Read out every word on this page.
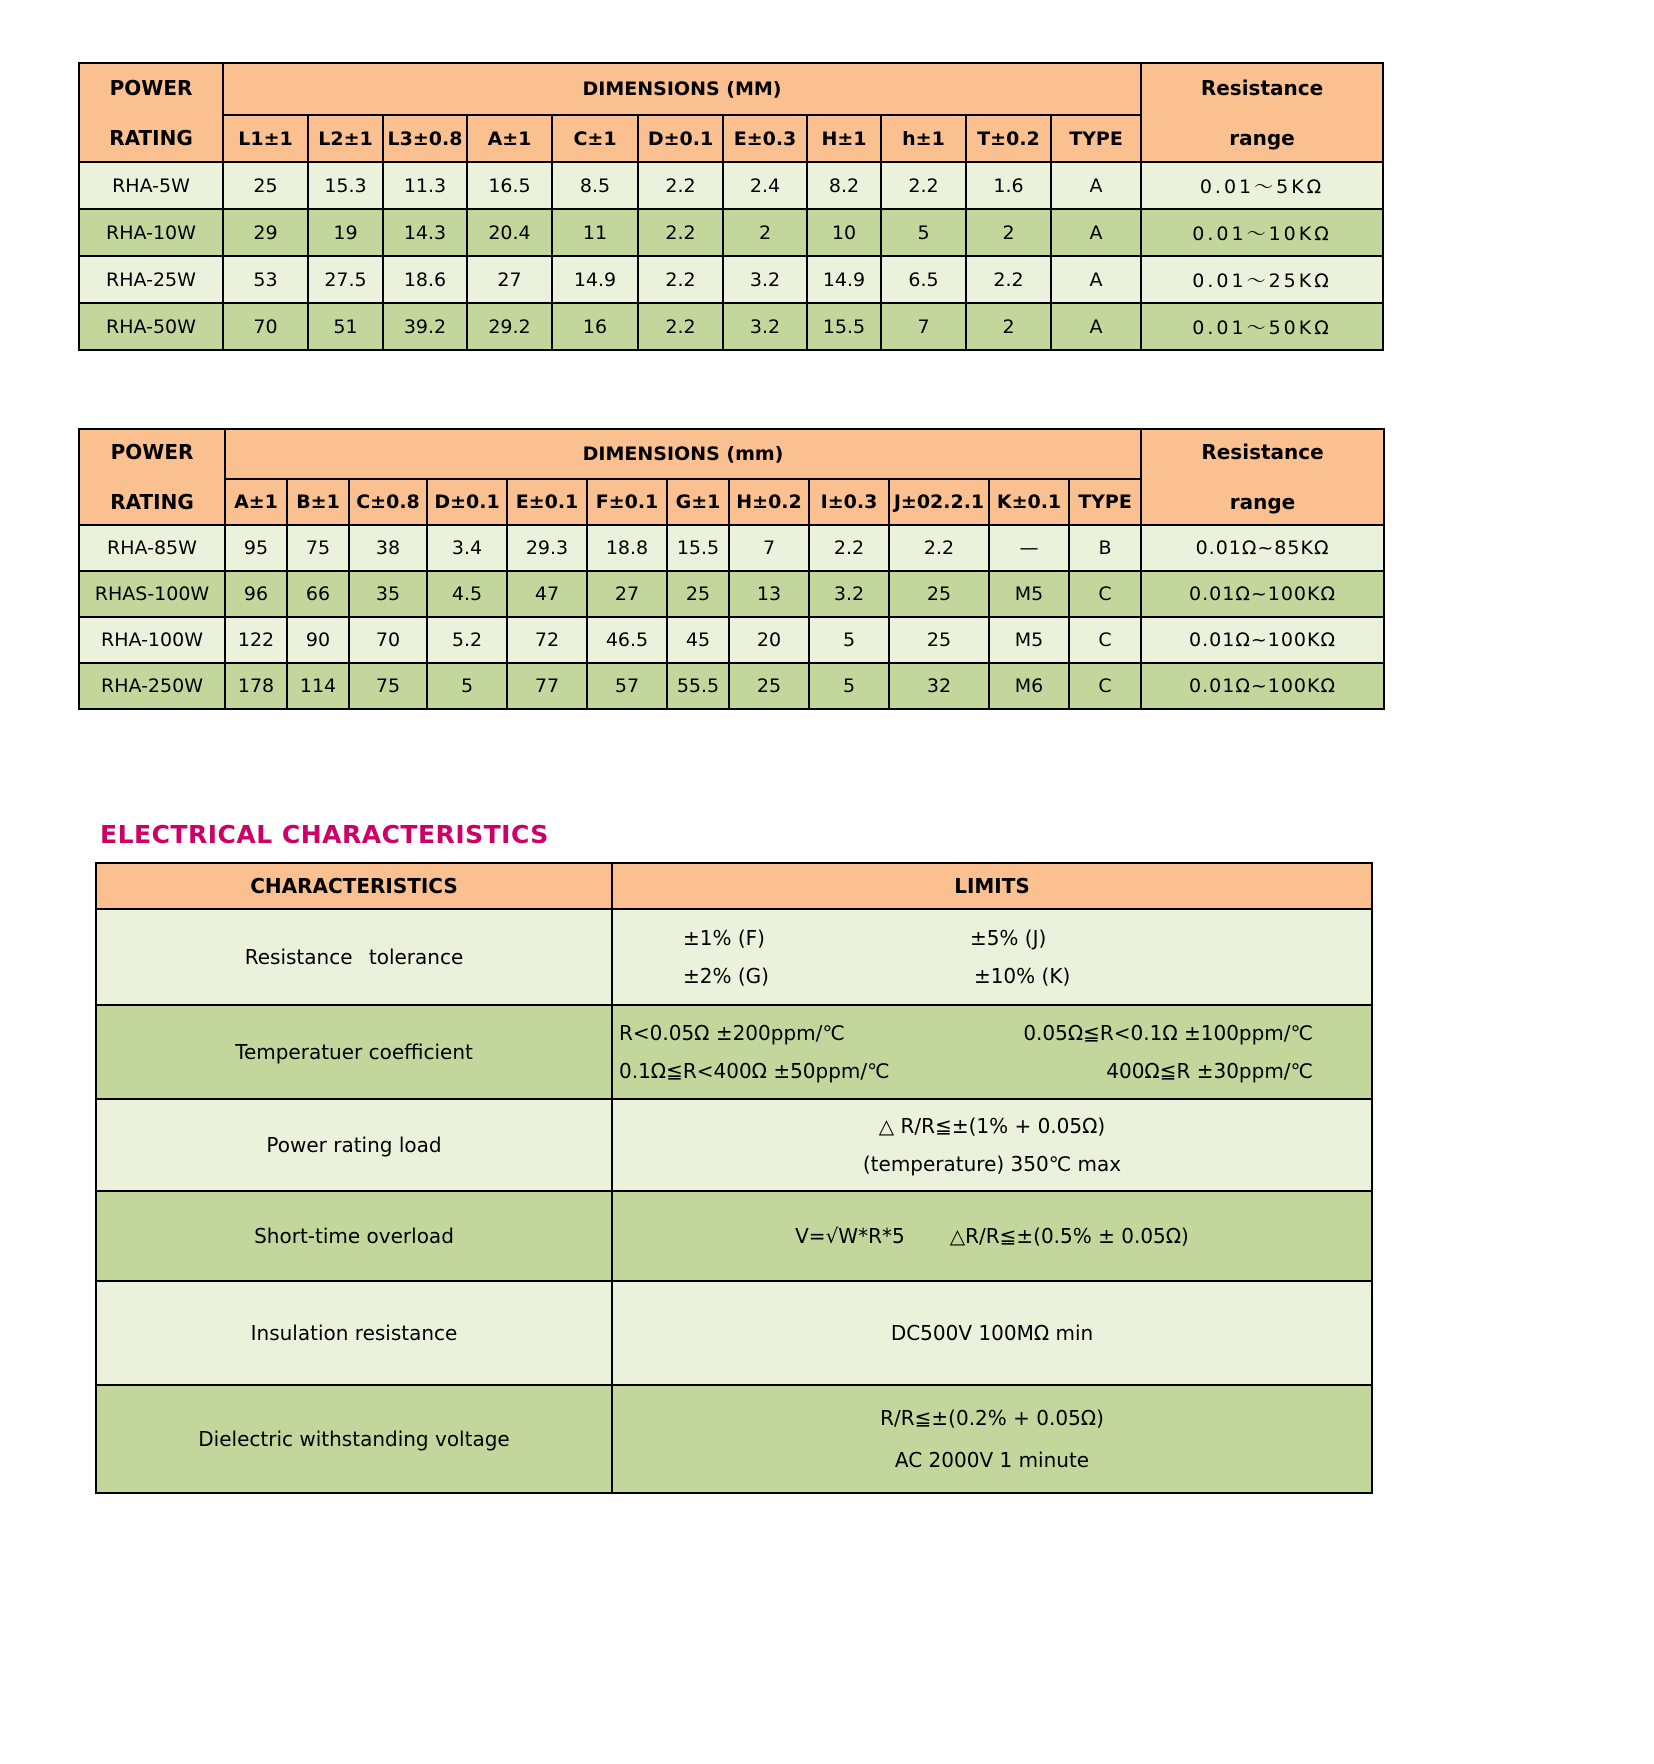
POWER
RATING	DIMENSIONS (MM)											Resistance
range

	L1±1	L2±1	L3±0.8	A±1	C±1	D±0.1	E±0.3	H±1	h±1	T±0.2	TYPE	
RHA-5W	25	15.3	11.3	16.5	8.5	2.2	2.4	8.2	2.2	1.6	A	0.01～5KΩ
RHA-10W	29	19	14.3	20.4	11	2.2	2	10	5	2	A	0.01～10KΩ
RHA-25W	53	27.5	18.6	27	14.9	2.2	3.2	14.9	6.5	2.2	A	0.01～25KΩ
RHA-50W	70	51	39.2	29.2	16	2.2	3.2	15.5	7	2	A	0.01～50KΩ
POWER
RATING	DIMENSIONS (mm)												Resistance
range

	A±1	B±1	C±0.8	D±0.1	E±0.1	F±0.1	G±1	H±0.2	I±0.3	J±02.2.1	K±0.1	TYPE	
RHA-85W	95	75	38	3.4	29.3	18.8	15.5	7	2.2	2.2	—	B	0.01Ω~85KΩ
RHAS-100W	96	66	35	4.5	47	27	25	13	3.2	25	M5	C	0.01Ω~100KΩ
RHA-100W	122	90	70	5.2	72	46.5	45	20	5	25	M5	C	0.01Ω~100KΩ
RHA-250W	178	114	75	5	77	57	55.5	25	5	32	M6	C	0.01Ω~100KΩ
ELECTRICAL CHARACTERISTICS
CHARACTERISTICS	LIMITS
Resistance tolerance	±1% (F) ±5% (J)
±2% (G) ±10% (K)

Temperatuer coefficient	R<0.05Ω ±200ppm/℃ 0.05Ω≦R<0.1Ω ±100ppm/℃
0.1Ω≦R<400Ω ±50ppm/℃ 400Ω≦R ±30ppm/℃

Power rating load	△ R/R≦±(1% + 0.05Ω)
(temperature) 350℃ max

Short-time overload	V=√W*R*5 △R/R≦±(0.5% ± 0.05Ω)

Insulation resistance	DC500V 100MΩ min

Dielectric withstanding voltage	R/R≦±(0.2% + 0.05Ω)
AC 2000V 1 minute
